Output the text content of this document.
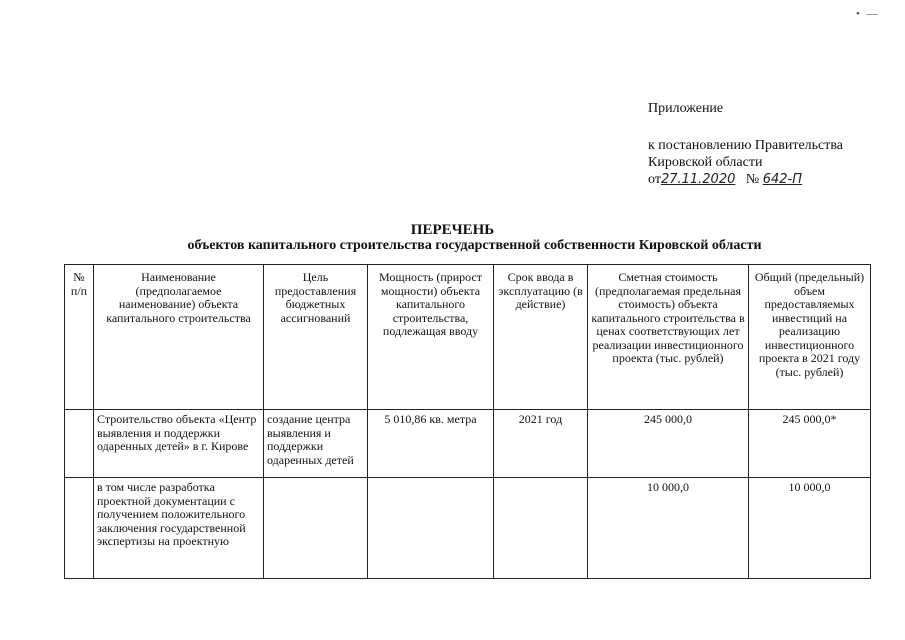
• —
Приложение
к постановлению Правительства
Кировской области
от27.11.2020 № 642-П
ПЕРЕЧЕНЬ
объектов капитального строительства государственной собственности Кировской области
№ п/п	Наименование (предполагаемое наименование) объекта капитального строительства	Цель предоставления бюджетных ассигнований	Мощность (прирост мощности) объекта капитального строительства, подлежащая вводу	Срок ввода в эксплуатацию (в действие)	Сметная стоимость (предполагаемая предельная стоимость) объекта капитального строительства в ценах соответствующих лет реализации инвестиционного проекта (тыс. рублей)	Общий (предельный) объем предоставляемых инвестиций на реализацию инвестиционного проекта в 2021 году (тыс. рублей)
	Строительство объекта «Центр выявления и поддержки одаренных детей» в г. Кирове	создание центра выявления и поддержки одаренных детей	5 010,86 кв. метра	2021 год	245 000,0	245 000,0*
	в том числе разработка проектной документации с получением положительного заключения государственной экспертизы на проектную				10 000,0	10 000,0
